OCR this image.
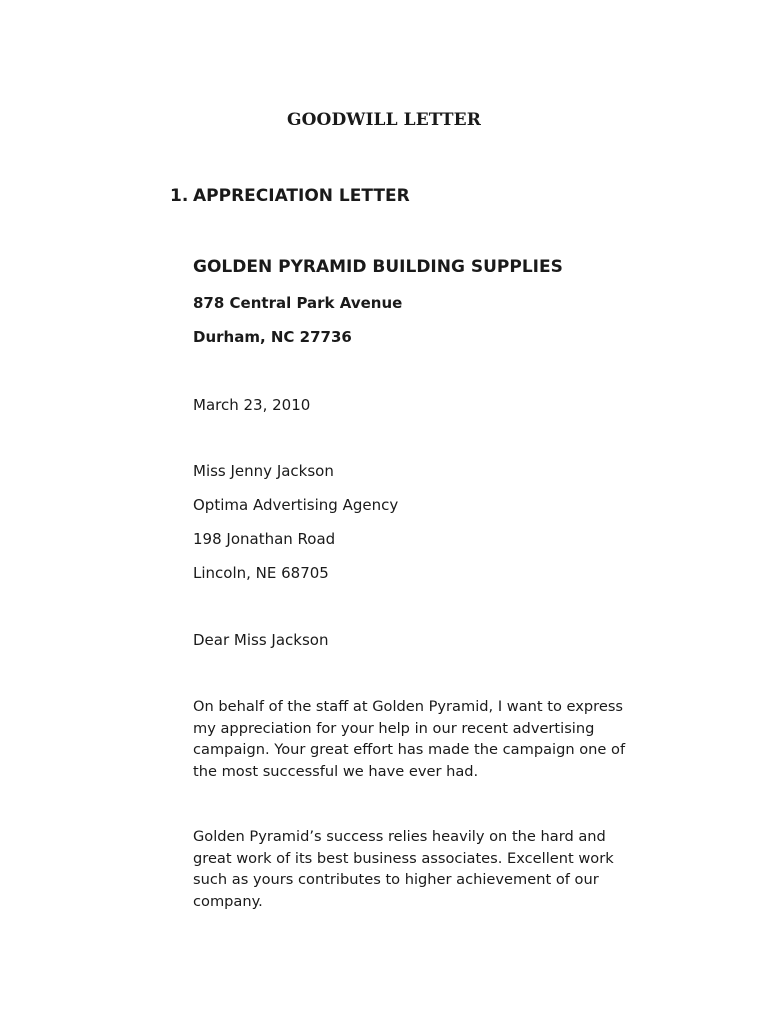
GOODWILL LETTER
1. APPRECIATION LETTER
GOLDEN PYRAMID BUILDING SUPPLIES
878 Central Park Avenue
Durham, NC 27736
March 23, 2010
Miss Jenny Jackson
Optima Advertising Agency
198 Jonathan Road
Lincoln, NE 68705
Dear Miss Jackson
On behalf of the staff at Golden Pyramid, I want to express
my appreciation for your help in our recent advertising
campaign. Your great effort has made the campaign one of
the most successful we have ever had.
Golden Pyramid’s success relies heavily on the hard and
great work of its best business associates. Excellent work
such as yours contributes to higher achievement of our
company.
